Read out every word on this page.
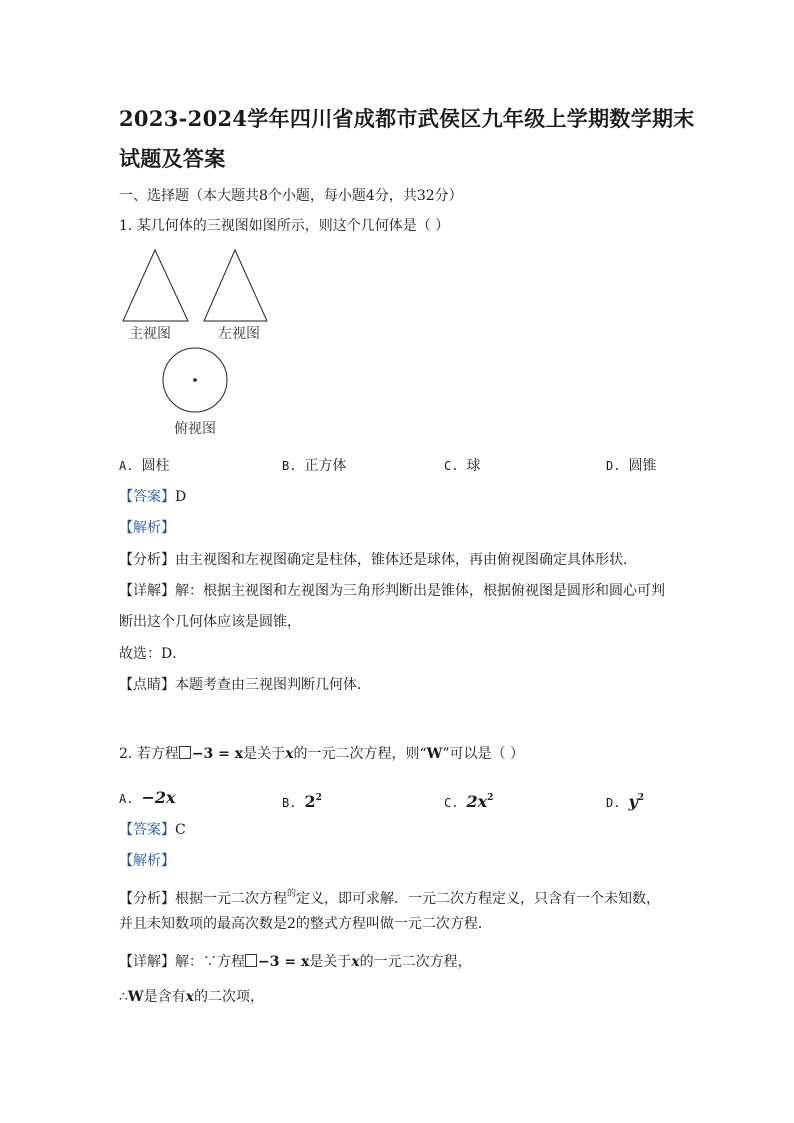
2023-2024学年四川省成都市武侯区九年级上学期数学期末
试题及答案
一、选择题（本大题共8个小题，每小题4分，共32分）
1. 某几何体的三视图如图所示，则这个几何体是（ ）
主视图	左视图
俯视图
A. 圆柱	B. 正方体	C. 球	D. 圆锥
【答案】D
【解析】
【分析】由主视图和左视图确定是柱体，锥体还是球体，再由俯视图确定具体形状．
【详解】解：根据主视图和左视图为三角形判断出是锥体，根据俯视图是圆形和圆心可判
断出这个几何体应该是圆锥，
故选：D．
【点睛】本题考查由三视图判断几何体．
2. 若方程 −3 = x是关于x的一元二次方程，则“W”可以是（ ）
A. −2x	B. $2^2$	C. $2x^2$	D. $y^2$
【答案】C
【解析】
【分析】根据一元二次方程$^的$定义，即可求解．一元二次方程定义，只含有一个未知数，
并且未知数项的最高次数是2的整式方程叫做一元二次方程．
【详解】解：∵方程 −3 = x是关于x的一元二次方程，
∴W是含有x的二次项，
